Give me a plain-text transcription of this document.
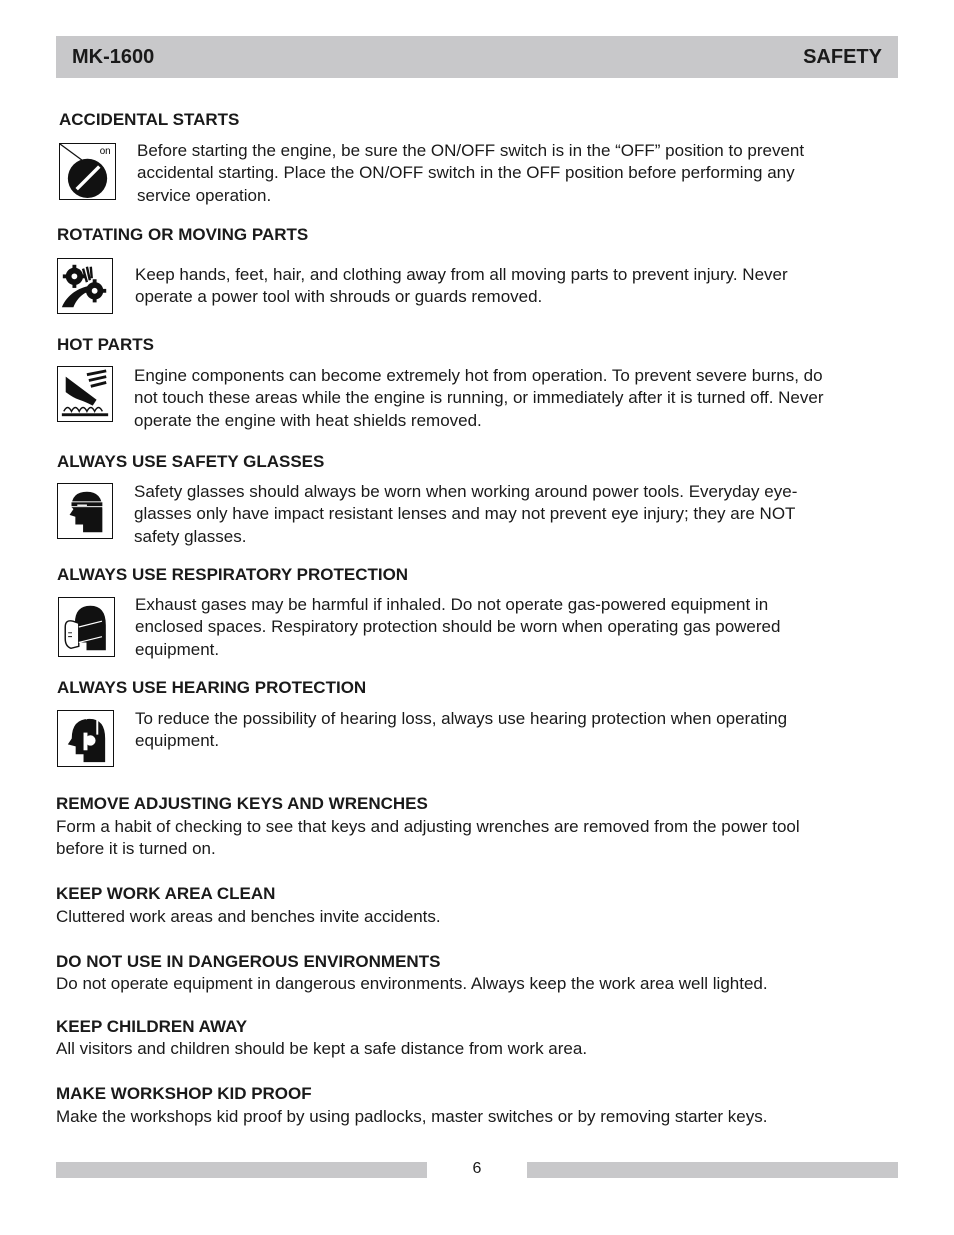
MK-1600	SAFETY
ACCIDENTAL STARTS
on Before starting the engine, be sure the ON/OFF switch is in the “OFF” position to prevent
accidental starting. Place the ON/OFF switch in the OFF position before performing any
service operation.
ROTATING OR MOVING PARTS
Keep hands, feet, hair, and clothing away from all moving parts to prevent injury. Never
operate a power tool with shrouds or guards removed.
HOT PARTS
Engine components can become extremely hot from operation. To prevent severe burns, do
not touch these areas while the engine is running, or immediately after it is turned off. Never
operate the engine with heat shields removed.
ALWAYS USE SAFETY GLASSES
Safety glasses should always be worn when working around power tools. Everyday eye-
glasses only have impact resistant lenses and may not prevent eye injury; they are NOT
safety glasses.
ALWAYS USE RESPIRATORY PROTECTION
Exhaust gases may be harmful if inhaled. Do not operate gas-powered equipment in
enclosed spaces. Respiratory protection should be worn when operating gas powered
equipment.
ALWAYS USE HEARING PROTECTION
To reduce the possibility of hearing loss, always use hearing protection when operating
equipment.
REMOVE ADJUSTING KEYS AND WRENCHES
Form a habit of checking to see that keys and adjusting wrenches are removed from the power tool
before it is turned on.
KEEP WORK AREA CLEAN
Cluttered work areas and benches invite accidents.
DO NOT USE IN DANGEROUS ENVIRONMENTS
Do not operate equipment in dangerous environments. Always keep the work area well lighted.
KEEP CHILDREN AWAY
All visitors and children should be kept a safe distance from work area.
MAKE WORKSHOP KID PROOF
Make the workshops kid proof by using padlocks, master switches or by removing starter keys.
6
